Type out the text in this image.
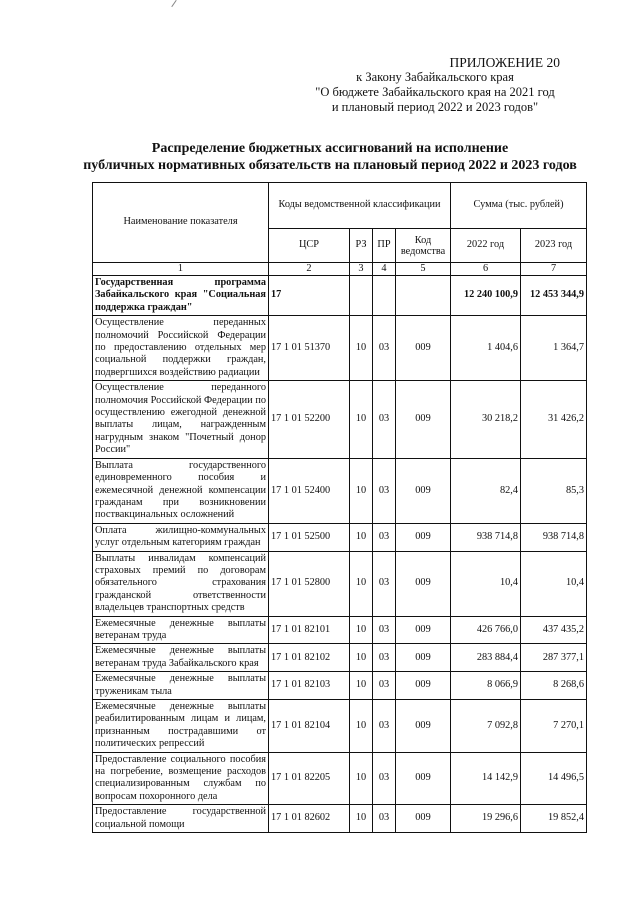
ПРИЛОЖЕНИЕ 20
к Закону Забайкальского края
"О бюджете Забайкальского края на 2021 год
и плановый период 2022 и 2023 годов"
Распределение бюджетных ассигнований на исполнение
публичных нормативных обязательств на плановый период 2022 и 2023 годов
Наименование показателя	Коды ведомственной классификации				Сумма (тыс. рублей)	
	ЦСР	РЗ	ПР	Код ведомства	2022 год	2023 год
1	2	3	4	5	6	7
Государственная программа Забайкальского края "Социальная поддержка граждан"	17				12 240 100,9	12 453 344,9
Осуществление переданных полномочий Российской Федерации по предоставлению отдельных мер социальной поддержки граждан, подвергшихся воздействию радиации	17 1 01 51370	10	03	009	1 404,6	1 364,7
Осуществление переданного полномочия Российской Федерации по осуществлению ежегодной денежной выплаты лицам, награжденным нагрудным знаком "Почетный донор России"	17 1 01 52200	10	03	009	30 218,2	31 426,2
Выплата государственного единовременного пособия и ежемесячной денежной компенсации гражданам при возникновении поствакцинальных осложнений	17 1 01 52400	10	03	009	82,4	85,3
Оплата жилищно-коммунальных услуг отдельным категориям граждан	17 1 01 52500	10	03	009	938 714,8	938 714,8
Выплаты инвалидам компенсаций страховых премий по договорам обязательного страхования гражданской ответственности владельцев транспортных средств	17 1 01 52800	10	03	009	10,4	10,4
Ежемесячные денежные выплаты ветеранам труда	17 1 01 82101	10	03	009	426 766,0	437 435,2
Ежемесячные денежные выплаты ветеранам труда Забайкальского края	17 1 01 82102	10	03	009	283 884,4	287 377,1
Ежемесячные денежные выплаты труженикам тыла	17 1 01 82103	10	03	009	8 066,9	8 268,6
Ежемесячные денежные выплаты реабилитированным лицам и лицам, признанным пострадавшими от политических репрессий	17 1 01 82104	10	03	009	7 092,8	7 270,1
Предоставление социального пособия на погребение, возмещение расходов специализированным службам по вопросам похоронного дела	17 1 01 82205	10	03	009	14 142,9	14 496,5
Предоставление государственной социальной помощи	17 1 01 82602	10	03	009	19 296,6	19 852,4
